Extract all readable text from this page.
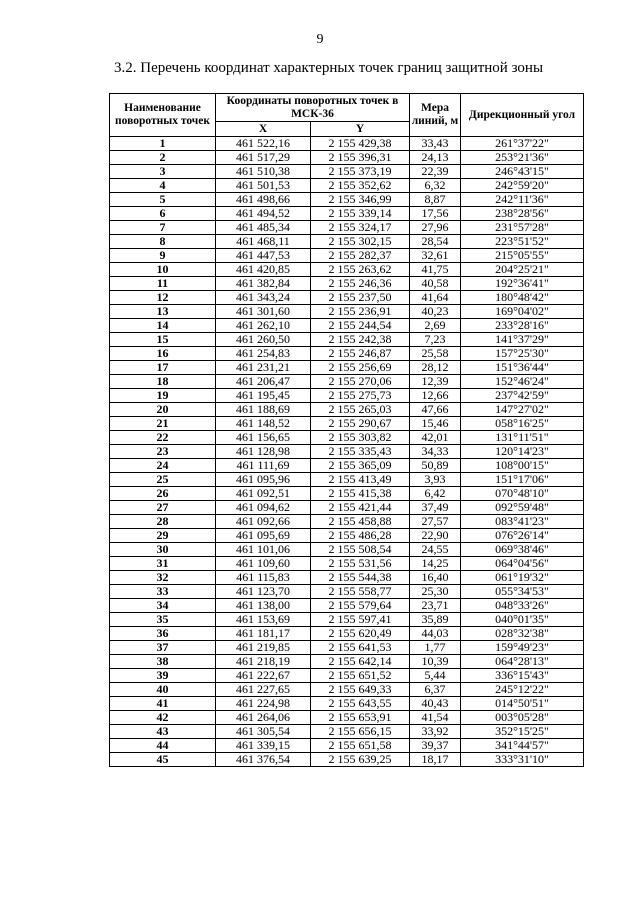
9
3.2. Перечень координат характерных точек границ защитной зоны
Наименование поворотных точек	Координаты поворотных точек в МСК-36		Мера линий, м	Дирекционный угол
	X	Y		
1	461 522,16	2 155 429,38	33,43	261°37'22"
2	461 517,29	2 155 396,31	24,13	253°21'36"
3	461 510,38	2 155 373,19	22,39	246°43'15"
4	461 501,53	2 155 352,62	6,32	242°59'20"
5	461 498,66	2 155 346,99	8,87	242°11'36"
6	461 494,52	2 155 339,14	17,56	238°28'56"
7	461 485,34	2 155 324,17	27,96	231°57'28"
8	461 468,11	2 155 302,15	28,54	223°51'52"
9	461 447,53	2 155 282,37	32,61	215°05'55"
10	461 420,85	2 155 263,62	41,75	204°25'21"
11	461 382,84	2 155 246,36	40,58	192°36'41"
12	461 343,24	2 155 237,50	41,64	180°48'42"
13	461 301,60	2 155 236,91	40,23	169°04'02"
14	461 262,10	2 155 244,54	2,69	233°28'16"
15	461 260,50	2 155 242,38	7,23	141°37'29"
16	461 254,83	2 155 246,87	25,58	157°25'30"
17	461 231,21	2 155 256,69	28,12	151°36'44"
18	461 206,47	2 155 270,06	12,39	152°46'24"
19	461 195,45	2 155 275,73	12,66	237°42'59"
20	461 188,69	2 155 265,03	47,66	147°27'02"
21	461 148,52	2 155 290,67	15,46	058°16'25"
22	461 156,65	2 155 303,82	42,01	131°11'51"
23	461 128,98	2 155 335,43	34,33	120°14'23"
24	461 111,69	2 155 365,09	50,89	108°00'15"
25	461 095,96	2 155 413,49	3,93	151°17'06"
26	461 092,51	2 155 415,38	6,42	070°48'10"
27	461 094,62	2 155 421,44	37,49	092°59'48"
28	461 092,66	2 155 458,88	27,57	083°41'23"
29	461 095,69	2 155 486,28	22,90	076°26'14"
30	461 101,06	2 155 508,54	24,55	069°38'46"
31	461 109,60	2 155 531,56	14,25	064°04'56"
32	461 115,83	2 155 544,38	16,40	061°19'32"
33	461 123,70	2 155 558,77	25,30	055°34'53"
34	461 138,00	2 155 579,64	23,71	048°33'26"
35	461 153,69	2 155 597,41	35,89	040°01'35"
36	461 181,17	2 155 620,49	44,03	028°32'38"
37	461 219,85	2 155 641,53	1,77	159°49'23"
38	461 218,19	2 155 642,14	10,39	064°28'13"
39	461 222,67	2 155 651,52	5,44	336°15'43"
40	461 227,65	2 155 649,33	6,37	245°12'22"
41	461 224,98	2 155 643,55	40,43	014°50'51"
42	461 264,06	2 155 653,91	41,54	003°05'28"
43	461 305,54	2 155 656,15	33,92	352°15'25"
44	461 339,15	2 155 651,58	39,37	341°44'57"
45	461 376,54	2 155 639,25	18,17	333°31'10"
